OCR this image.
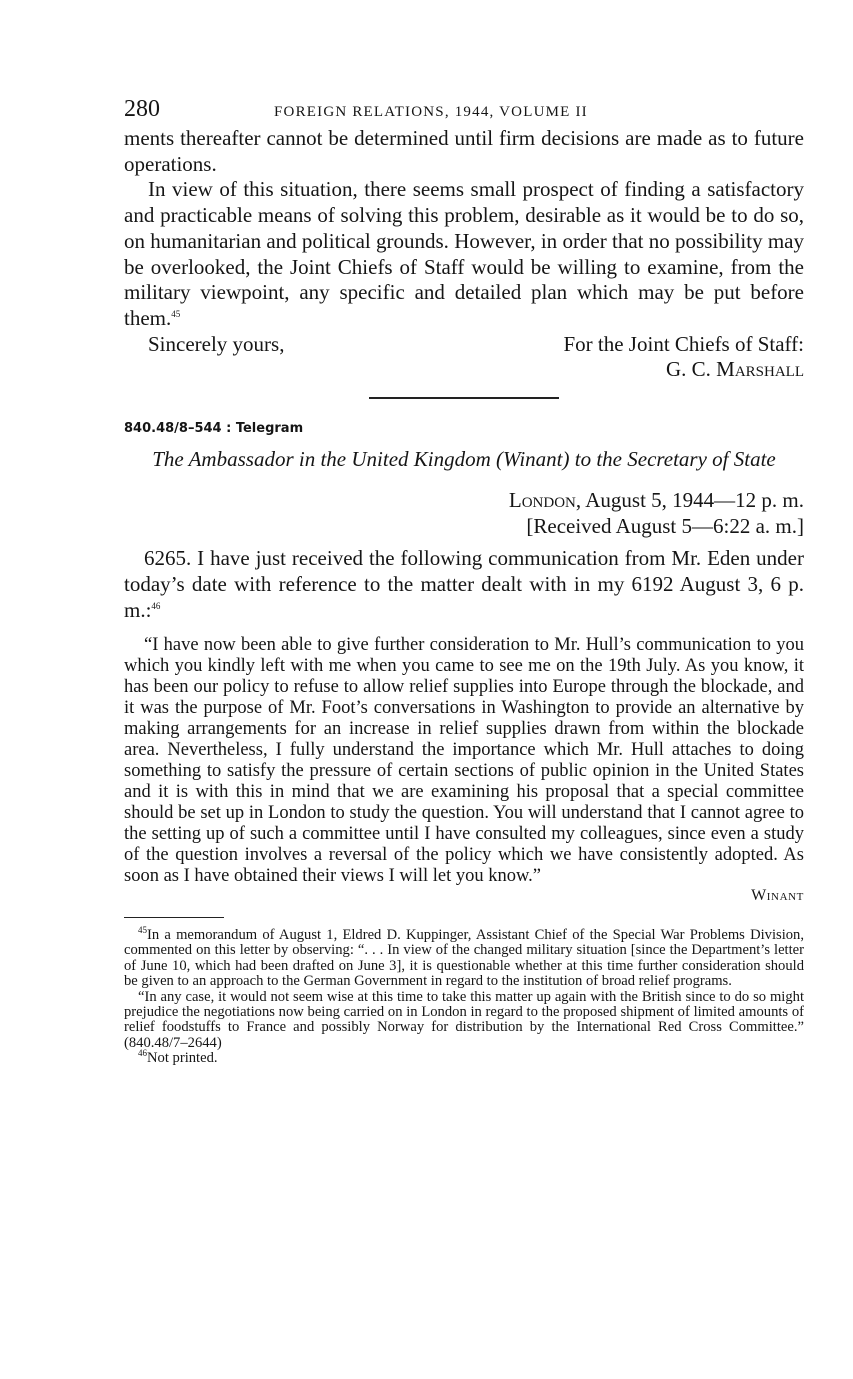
280	FOREIGN RELATIONS, 1944, VOLUME II

ments thereafter cannot be determined until firm decisions are made as to future operations.

In view of this situation, there seems small prospect of finding a satisfactory and practicable means of solving this problem, desirable as it would be to do so, on humanitarian and political grounds. However, in order that no possibility may be overlooked, the Joint Chiefs of Staff would be willing to examine, from the military viewpoint, any specific and detailed plan which may be put before them.$^{45}$

Sincerely yours,	For the Joint Chiefs of Staff:
G. C. Marshall
840.48/8–544 : Telegram
The Ambassador in the United Kingdom (Winant) to the Secretary of State
London, August 5, 1944—12 p. m.
[Received August 5—6:22 a. m.]

6265. I have just received the following communication from Mr. Eden under today’s date with reference to the matter dealt with in my 6192 August 3, 6 p. m.:$^{46}$

“I have now been able to give further consideration to Mr. Hull’s communication to you which you kindly left with me when you came to see me on the 19th July. As you know, it has been our policy to refuse to allow relief supplies into Europe through the blockade, and it was the purpose of Mr. Foot’s conversations in Washington to provide an alternative by making arrangements for an increase in relief supplies drawn from within the blockade area. Nevertheless, I fully understand the importance which Mr. Hull attaches to doing something to satisfy the pressure of certain sections of public opinion in the United States and it is with this in mind that we are examining his proposal that a special committee should be set up in London to study the question. You will understand that I cannot agree to the setting up of such a committee until I have consulted my colleagues, since even a study of the question involves a reversal of the policy which we have consistently adopted. As soon as I have obtained their views I will let you know.”

Winant

$^{45}$In a memorandum of August 1, Eldred D. Kuppinger, Assistant Chief of the Special War Problems Division, commented on this letter by observing: “. . . In view of the changed military situation [since the Department’s letter of June 10, which had been drafted on June 3], it is questionable whether at this time further consideration should be given to an approach to the German Government in regard to the institution of broad relief programs.

“In any case, it would not seem wise at this time to take this matter up again with the British since to do so might prejudice the negotiations now being carried on in London in regard to the proposed shipment of limited amounts of relief foodstuffs to France and possibly Norway for distribution by the International Red Cross Committee.” (840.48/7–2644)

$^{46}$Not printed.
